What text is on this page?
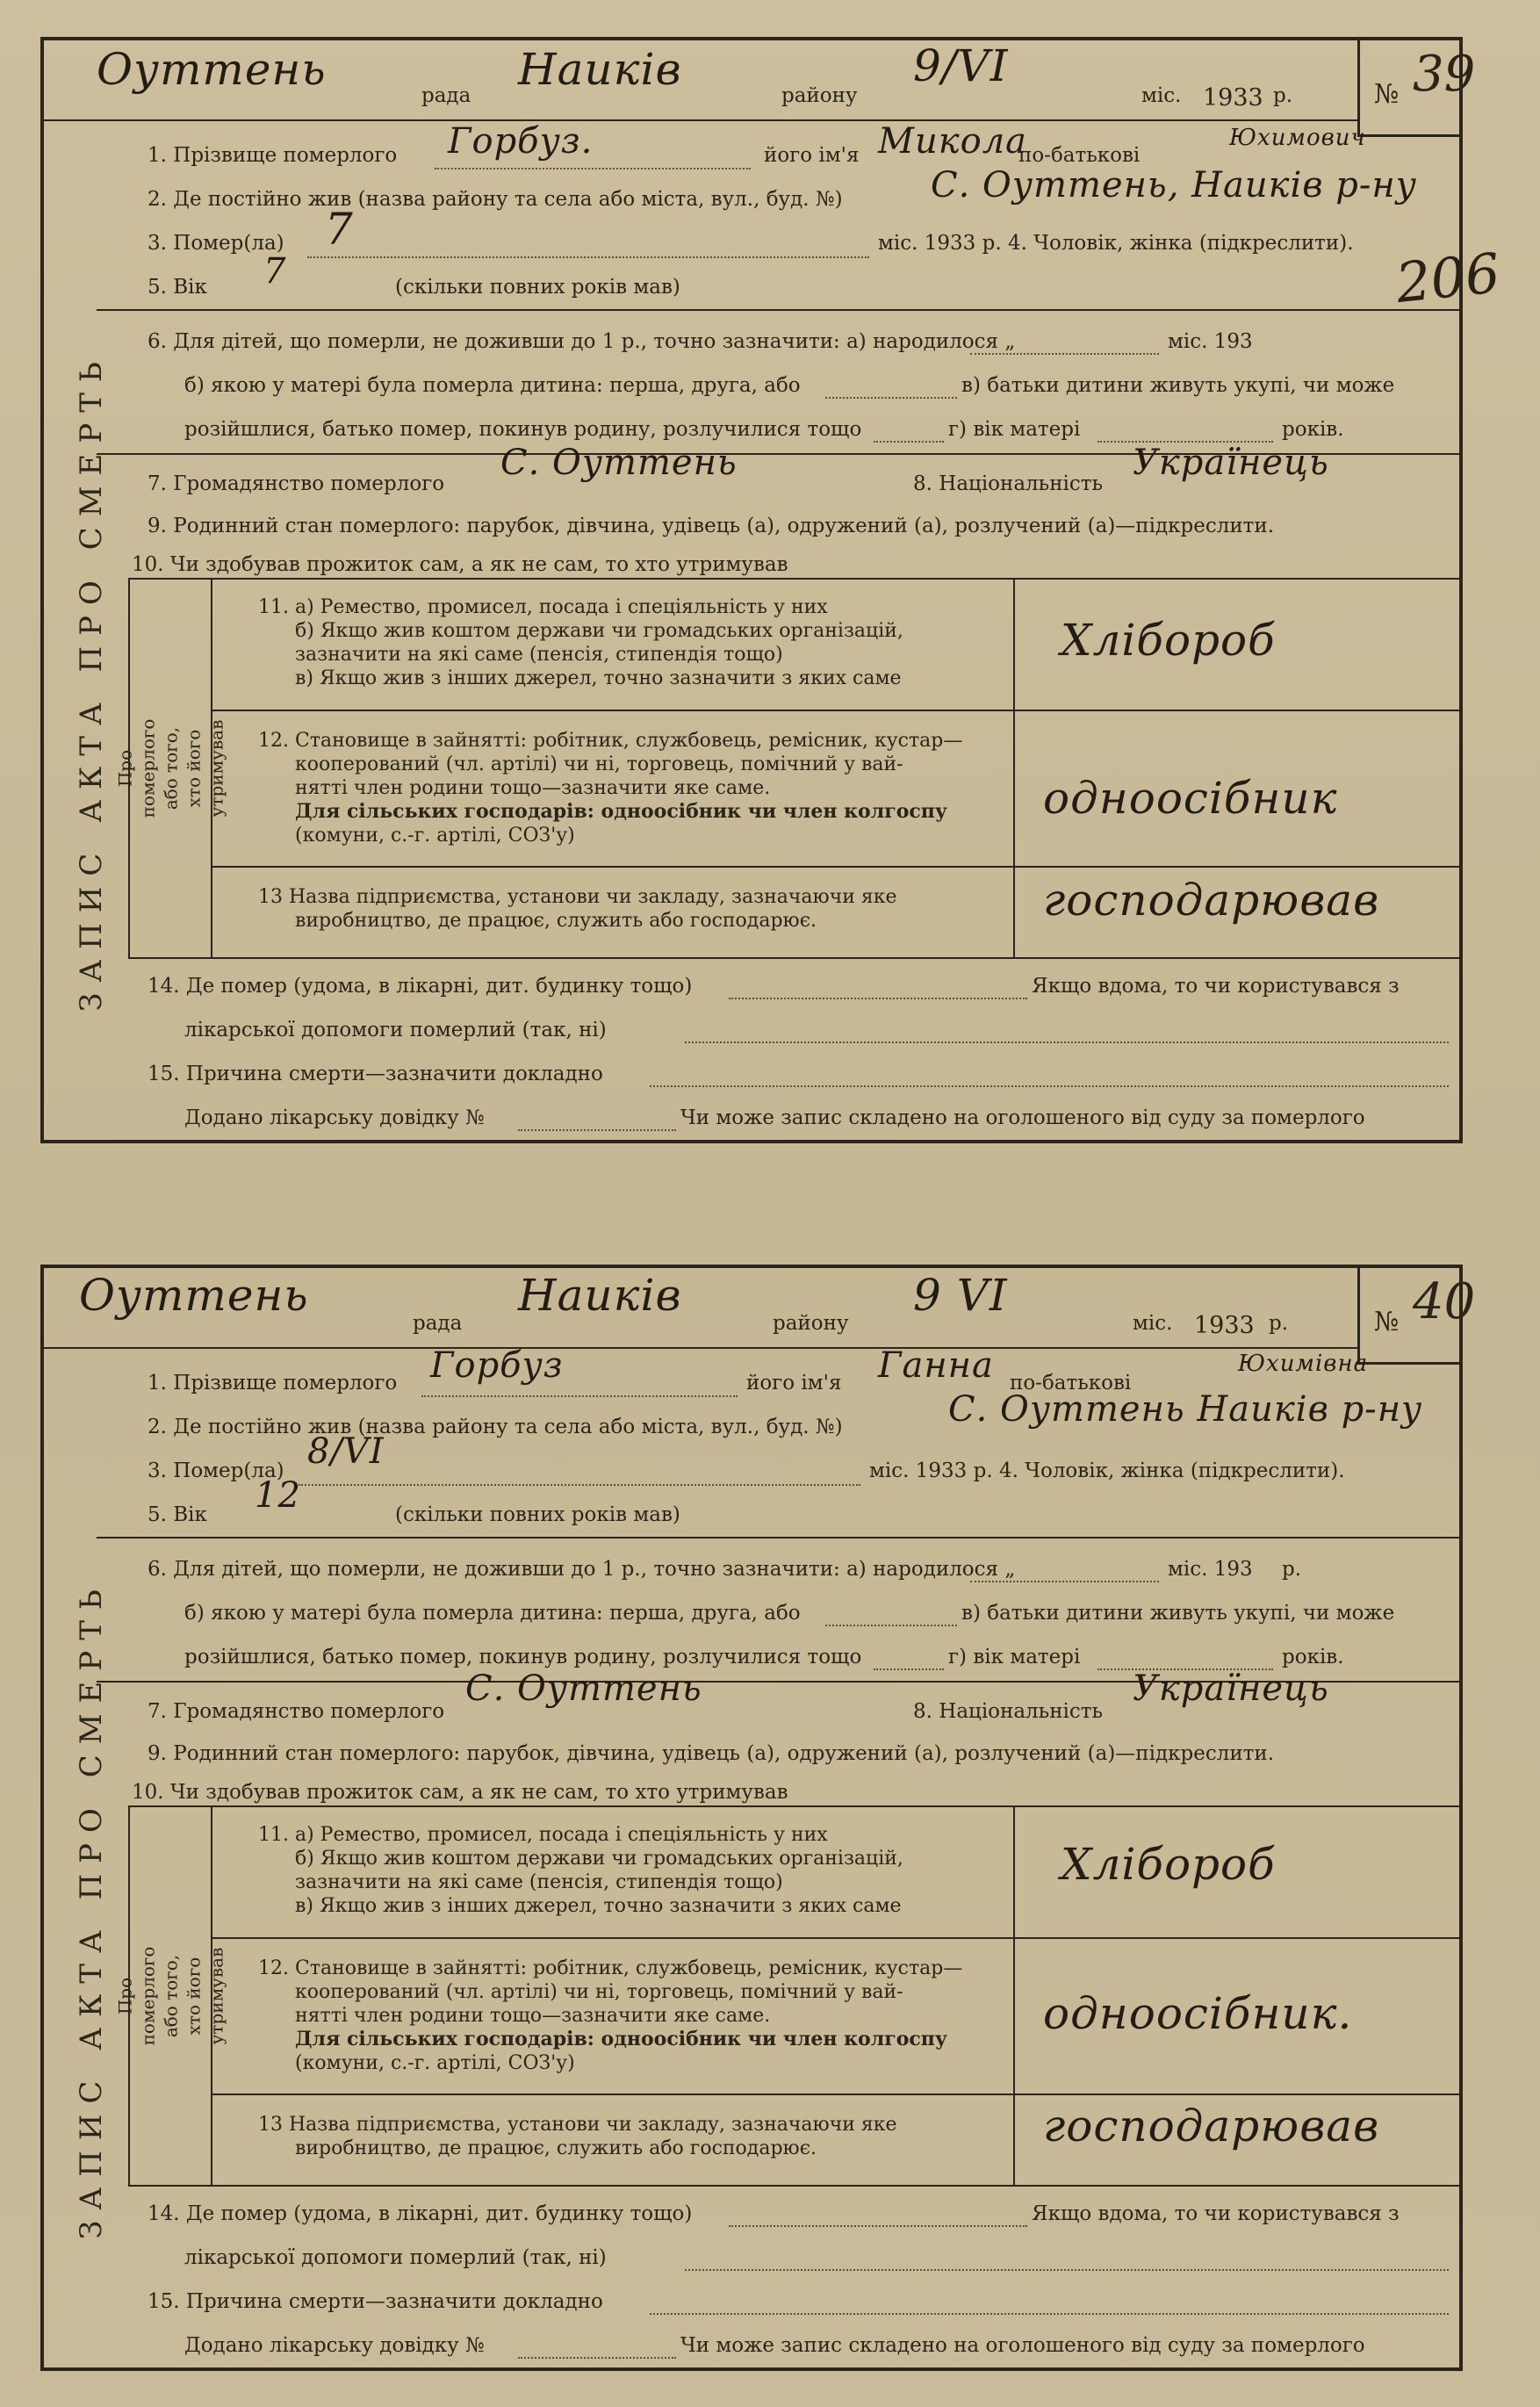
206
ЗАПИС АКТА ПРО СМЕРТЬ
Оуттень
рада
Наиків
району
9/VI
міс. 1933 р.	№ 39
1. Прізвище померлого Горбуз.	його ім'я Микола
по-батькові
Юхимович
2. Де постійно жив (назва району та села або міста, вул., буд. №)	С. Оуттень, Наиків р-ну
3. Помер(ла) 7	міс. 1933 р. 4. Чоловік, жінка (підкреслити).
5. Вік 7	(скільки повних років мав)
6. Для дітей, що померли, не доживши до 1 р., точно зазначити: а) народилося „	міс. 193
б) якою у матері була померла дитина: перша, друга, або	в) батьки дитини живуть укупі, чи може
розійшлися, батько помер, покинув родину, розлучилися тощо	г) вік матері	років.
7. Громадянство померлого
С. Оуттень
8. Національність
Українець
9. Родинний стан померлого: парубок, дівчина, удівець (а), одружений (а), розлучений (а)—підкреслити.
10. Чи здобував прожиток сам, а як не сам, то хто утримував
Про померлого або того, хто його утримував
11. а) Ремество, промисел, посада і спеціяльність у них
б) Якщо жив коштом держави чи громадських організацій,
зазначити на які саме (пенсія, стипендія тощо)
в) Якщо жив з інших джерел, точно зазначити з яких саме
Хлібороб
12. Становище в зайнятті: робітник, службовець, ремісник, кустар—
кооперований (чл. артілі) чи ні, торговець, помічний у вай-
нятті член родини тощо—зазначити яке саме.
Для сільських господарів: одноосібник чи член колгоспу
(комуни, с.-г. артілі, СОЗ'у)
одноосібник
13 Назва підприємства, установи чи закладу, зазначаючи яке
виробництво, де працює, служить або господарює.	господарював
14. Де помер (удома, в лікарні, дит. будинку тощо)	Якщо вдома, то чи користувався з
лікарської допомоги померлий (так, ні)
15. Причина смерти—зазначити докладно
Додано лікарську довідку №	Чи може запис складено на оголошеного від суду за померлого
ЗАПИС АКТА ПРО СМЕРТЬ
Оуттень
рада
Наиків
району
9 VI
міс. 1933 р.	№ 40
1. Прізвище померлого Горбуз	його ім'я Ганна по-батькові
Юхимівна
2. Де постійно жив (назва району та села або міста, вул., буд. №)	С. Оуттень Наиків р-ну
3. Помер(ла) 8/VI	міс. 1933 р. 4. Чоловік, жінка (підкреслити).
5. Вік 12	(скільки повних років мав)
6. Для дітей, що померли, не доживши до 1 р., точно зазначити: а) народилося „	міс. 193 р.
б) якою у матері була померла дитина: перша, друга, або	в) батьки дитини живуть укупі, чи може
розійшлися, батько помер, покинув родину, розлучилися тощо	г) вік матері	років.
7. Громадянство померлого
С. Оуттень
8. Національність
Українець
9. Родинний стан померлого: парубок, дівчина, удівець (а), одружений (а), розлучений (а)—підкреслити.
10. Чи здобував прожиток сам, а як не сам, то хто утримував
Про померлого або того, хто його утримував
11. а) Ремество, промисел, посада і спеціяльність у них
б) Якщо жив коштом держави чи громадських організацій,
зазначити на які саме (пенсія, стипендія тощо)
в) Якщо жив з інших джерел, точно зазначити з яких саме
Хлібороб
12. Становище в зайнятті: робітник, службовець, ремісник, кустар—
кооперований (чл. артілі) чи ні, торговець, помічний у вай-
нятті член родини тощо—зазначити яке саме.
Для сільських господарів: одноосібник чи член колгоспу
(комуни, с.-г. артілі, СОЗ'у)
одноосібник.
13 Назва підприємства, установи чи закладу, зазначаючи яке
виробництво, де працює, служить або господарює.	господарював
14. Де помер (удома, в лікарні, дит. будинку тощо)	Якщо вдома, то чи користувався з
лікарської допомоги померлий (так, ні)
15. Причина смерти—зазначити докладно
Додано лікарську довідку №	Чи може запис складено на оголошеного від суду за померлого
